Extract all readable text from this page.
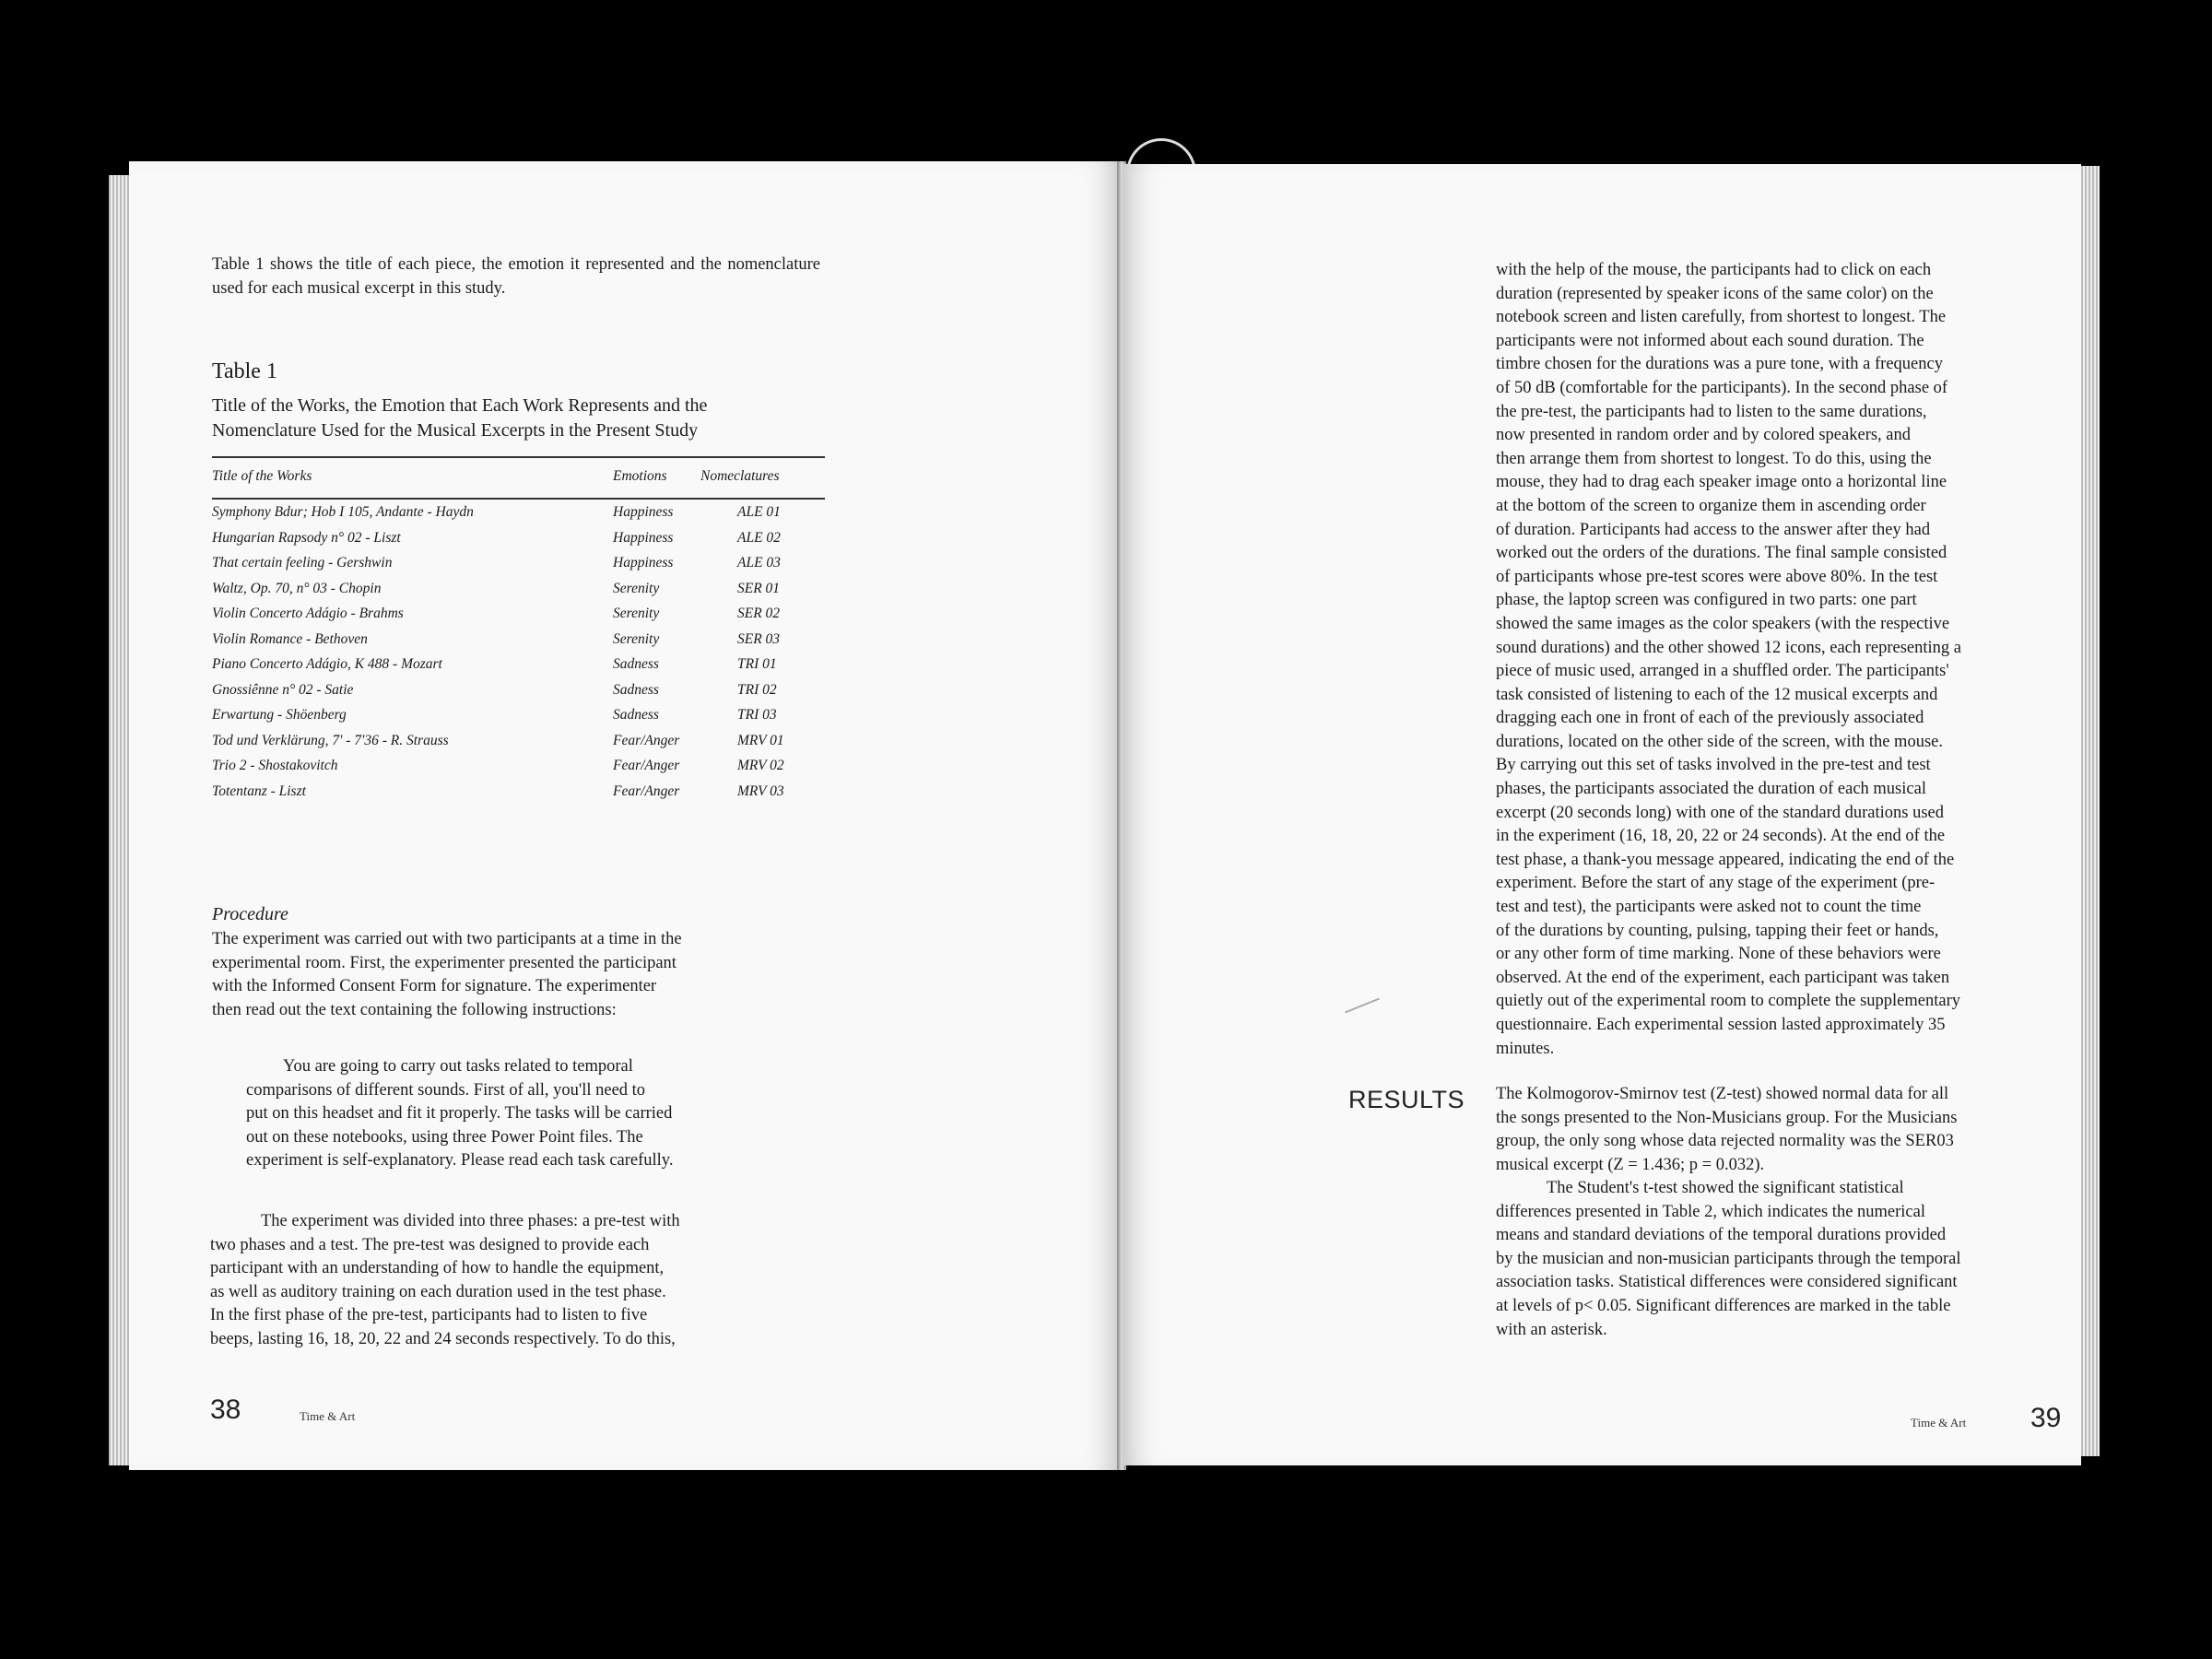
Table 1 shows the title of each piece, the emotion it represented and the nomenclature used for each musical excerpt in this study.

Table 1

Title of the Works, the Emotion that Each Work Represents and the Nomenclature Used for the Musical Excerpts in the Present Study

Title of the Works	Emotions	Nomeclatures
Symphony Bdur; Hob I 105, Andante - Haydn	Happiness	ALE 01
Hungarian Rapsody n° 02 - Liszt	Happiness	ALE 02
That certain feeling - Gershwin	Happiness	ALE 03
Waltz, Op. 70, n° 03 - Chopin	Serenity	SER 01
Violin Concerto Adágio - Brahms	Serenity	SER 02
Violin Romance - Bethoven	Serenity	SER 03
Piano Concerto Adágio, K 488 - Mozart	Sadness	TRI 01
Gnossiênne n° 02 - Satie	Sadness	TRI 02
Erwartung - Shöenberg	Sadness	TRI 03
Tod und Verklärung, 7' - 7'36 - R. Strauss	Fear/Anger	MRV 01
Trio 2 - Shostakovitch	Fear/Anger	MRV 02
Totentanz - Liszt	Fear/Anger	MRV 03
Procedure
The experiment was carried out with two participants at a time in the
experimental room. First, the experimenter presented the participant
with the Informed Consent Form for signature. The experimenter
then read out the text containing the following instructions:
You are going to carry out tasks related to temporal
comparisons of different sounds. First of all, you'll need to
put on this headset and fit it properly. The tasks will be carried
out on these notebooks, using three Power Point files. The
experiment is self-explanatory. Please read each task carefully.
The experiment was divided into three phases: a pre-test with
two phases and a test. The pre-test was designed to provide each
participant with an understanding of how to handle the equipment,
as well as auditory training on each duration used in the test phase.
In the first phase of the pre-test, participants had to listen to five
beeps, lasting 16, 18, 20, 22 and 24 seconds respectively. To do this,
38	Time & Art
with the help of the mouse, the participants had to click on each
duration (represented by speaker icons of the same color) on the
notebook screen and listen carefully, from shortest to longest. The
participants were not informed about each sound duration. The
timbre chosen for the durations was a pure tone, with a frequency
of 50 dB (comfortable for the participants). In the second phase of
the pre-test, the participants had to listen to the same durations,
now presented in random order and by colored speakers, and
then arrange them from shortest to longest. To do this, using the
mouse, they had to drag each speaker image onto a horizontal line
at the bottom of the screen to organize them in ascending order
of duration. Participants had access to the answer after they had
worked out the orders of the durations. The final sample consisted
of participants whose pre-test scores were above 80%. In the test
phase, the laptop screen was configured in two parts: one part
showed the same images as the color speakers (with the respective
sound durations) and the other showed 12 icons, each representing a
piece of music used, arranged in a shuffled order. The participants'
task consisted of listening to each of the 12 musical excerpts and
dragging each one in front of each of the previously associated
durations, located on the other side of the screen, with the mouse.
By carrying out this set of tasks involved in the pre-test and test
phases, the participants associated the duration of each musical
excerpt (20 seconds long) with one of the standard durations used
in the experiment (16, 18, 20, 22 or 24 seconds). At the end of the
test phase, a thank-you message appeared, indicating the end of the
experiment. Before the start of any stage of the experiment (pre-
test and test), the participants were asked not to count the time
of the durations by counting, pulsing, tapping their feet or hands,
or any other form of time marking. None of these behaviors were
observed. At the end of the experiment, each participant was taken
quietly out of the experimental room to complete the supplementary
questionnaire. Each experimental session lasted approximately 35
minutes.
RESULTS The Kolmogorov-Smirnov test (Z-test) showed normal data for all
the songs presented to the Non-Musicians group. For the Musicians
group, the only song whose data rejected normality was the SER03
musical excerpt (Z = 1.436; p = 0.032).
The Student's t-test showed the significant statistical
differences presented in Table 2, which indicates the numerical
means and standard deviations of the temporal durations provided
by the musician and non-musician participants through the temporal
association tasks. Statistical differences were considered significant
at levels of p< 0.05. Significant differences are marked in the table
with an asterisk.
Time & Art 39
